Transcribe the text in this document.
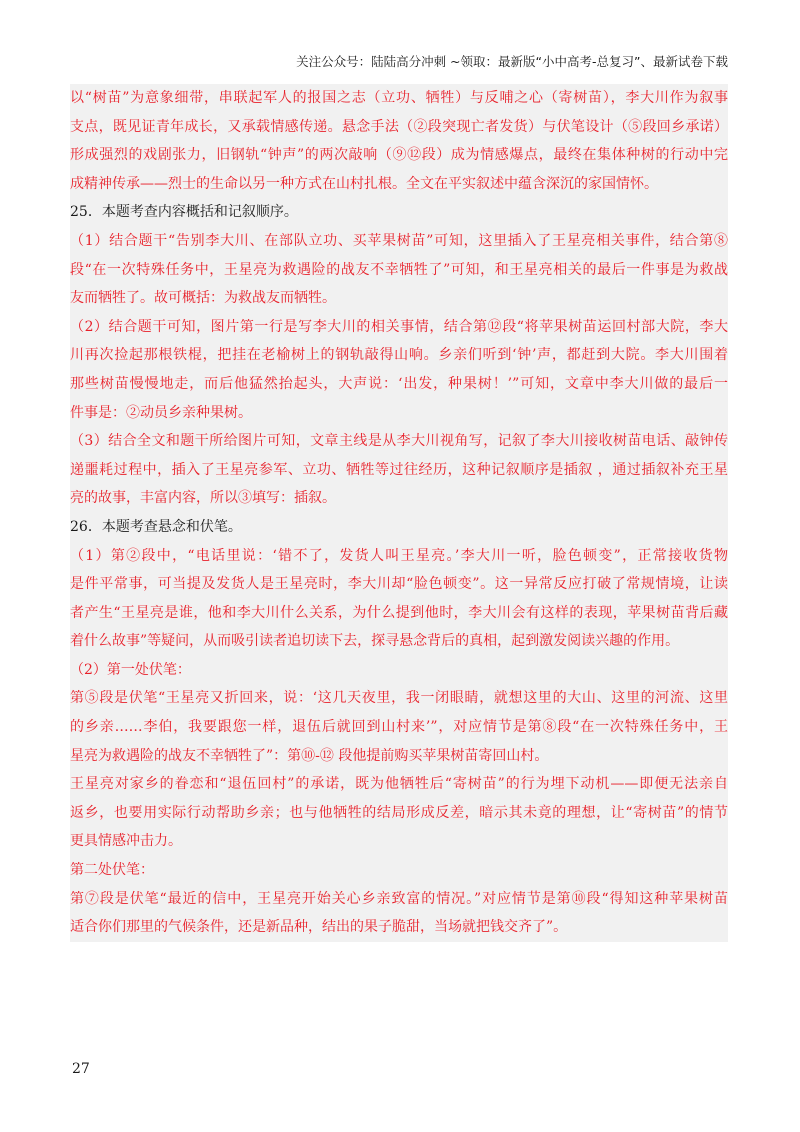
关注公众号：陆陆高分冲刺 ~领取：最新版“小中高考-总复习”、最新试卷下载
以“树苗”为意象细带，串联起军人的报国之志（立功、牺牲）与反哺之心（寄树苗），李大川作为叙事
支点，既见证青年成长，又承载情感传递。悬念手法（②段突现亡者发货）与伏笔设计（⑤段回乡承诺）
形成强烈的戏剧张力，旧钢轨“钟声”的两次敲响（⑨⑫段）成为情感爆点，最终在集体种树的行动中完
成精神传承——烈士的生命以另一种方式在山村扎根。全文在平实叙述中蕴含深沉的家国情怀。
25．本题考查内容概括和记叙顺序。
（1）结合题干“告别李大川、在部队立功、买苹果树苗”可知，这里插入了王星亮相关事件，结合第⑧
段“在一次特殊任务中，王星亮为救遇险的战友不幸牺牲了”可知，和王星亮相关的最后一件事是为救战
友而牺牲了。故可概括：为救战友而牺牲。
（2）结合题干可知，图片第一行是写李大川的相关事情，结合第⑫段“将苹果树苗运回村部大院，李大
川再次捡起那根铁棍，把挂在老榆树上的钢轨敲得山响。乡亲们听到‘钟’声，都赶到大院。李大川围着
那些树苗慢慢地走，而后他猛然抬起头，大声说：‘出发，种果树！’”可知，文章中李大川做的最后一
件事是：②动员乡亲种果树。
（3）结合全文和题干所给图片可知，文章主线是从李大川视角写，记叙了李大川接收树苗电话、敲钟传
递噩耗过程中，插入了王星亮参军、立功、牺牲等过往经历，这种记叙顺序是插叙 ，通过插叙补充王星
亮的故事，丰富内容，所以③填写：插叙。
26．本题考查悬念和伏笔。
（1）第②段中，“电话里说：‘错不了，发货人叫王星亮。’李大川一听，脸色顿变”，正常接收货物
是件平常事，可当提及发货人是王星亮时，李大川却“脸色顿变”。这一异常反应打破了常规情境，让读
者产生“王星亮是谁，他和李大川什么关系，为什么提到他时，李大川会有这样的表现，苹果树苗背后藏
着什么故事”等疑问，从而吸引读者追切读下去，探寻悬念背后的真相，起到激发阅读兴趣的作用。
（2）第一处伏笔：
第⑤段是伏笔“王星亮又折回来，说：‘这几天夜里，我一闭眼睛，就想这里的大山、这里的河流、这里
的乡亲……李伯，我要跟您一样，退伍后就回到山村来’”，对应情节是第⑧段“在一次特殊任务中，王
星亮为救遇险的战友不幸牺牲了”：第⑩-⑫ 段他提前购买苹果树苗寄回山村。
王星亮对家乡的眷恋和“退伍回村”的承诺，既为他牺牲后“寄树苗”的行为埋下动机——即便无法亲自
返乡，也要用实际行动帮助乡亲；也与他牺牲的结局形成反差，暗示其未竟的理想，让“寄树苗”的情节
更具情感冲击力。
第二处伏笔：
第⑦段是伏笔“最近的信中，王星亮开始关心乡亲致富的情况。”对应情节是第⑩段“得知这种苹果树苗
适合你们那里的气候条件，还是新品种，结出的果子脆甜，当场就把钱交齐了”。
27
